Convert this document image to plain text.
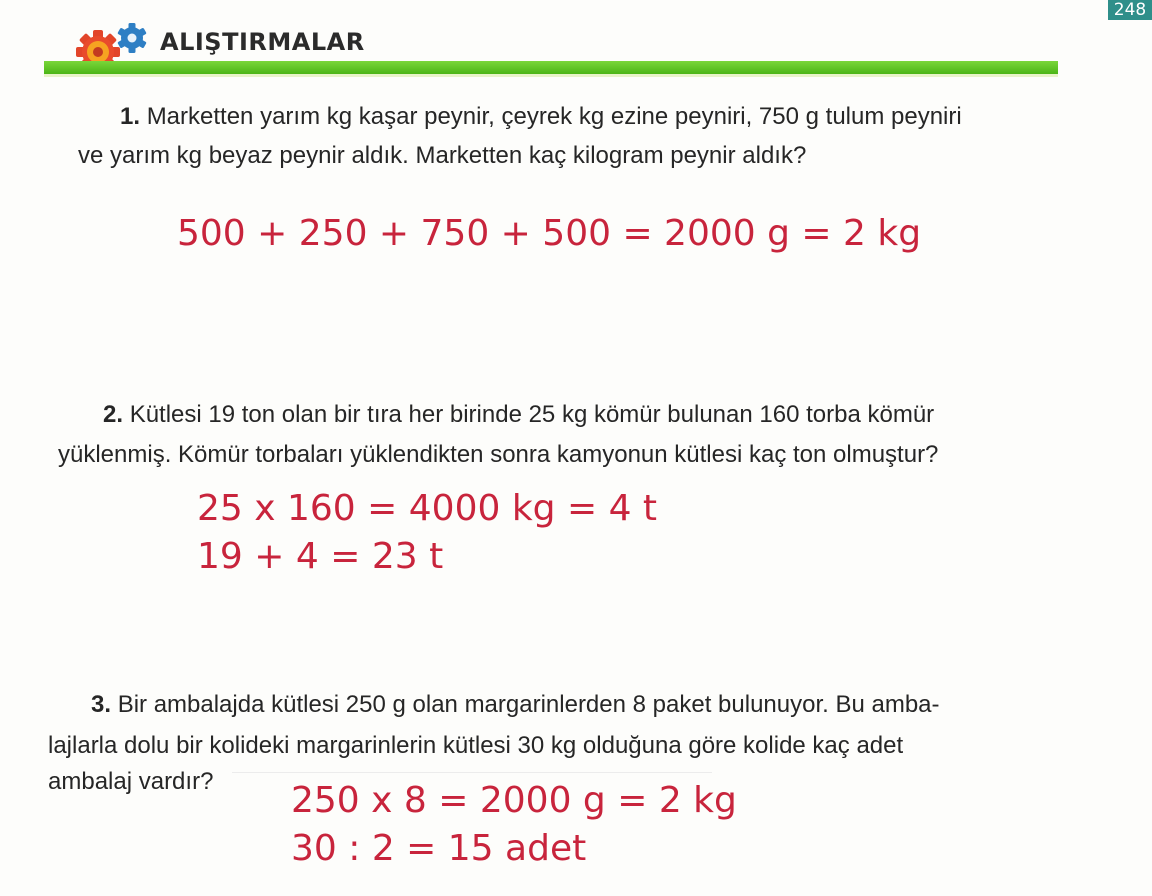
248
ALIŞTIRMALAR
1. Marketten yarım kg kaşar peynir, çeyrek kg ezine peyniri, 750 g tulum peyniri
ve yarım kg beyaz peynir aldık. Marketten kaç kilogram peynir aldık?
500 + 250 + 750 + 500 = 2000 g = 2 kg
2. Kütlesi 19 ton olan bir tıra her birinde 25 kg kömür bulunan 160 torba kömür
yüklenmiş. Kömür torbaları yüklendikten sonra kamyonun kütlesi kaç ton olmuştur?
25 x 160 = 4000 kg = 4 t
19 + 4 = 23 t
3. Bir ambalajda kütlesi 250 g olan margarinlerden 8 paket bulunuyor. Bu amba-
lajlarla dolu bir kolideki margarinlerin kütlesi 30 kg olduğuna göre kolide kaç adet
ambalaj vardır? 250 x 8 = 2000 g = 2 kg
30 : 2 = 15 adet
